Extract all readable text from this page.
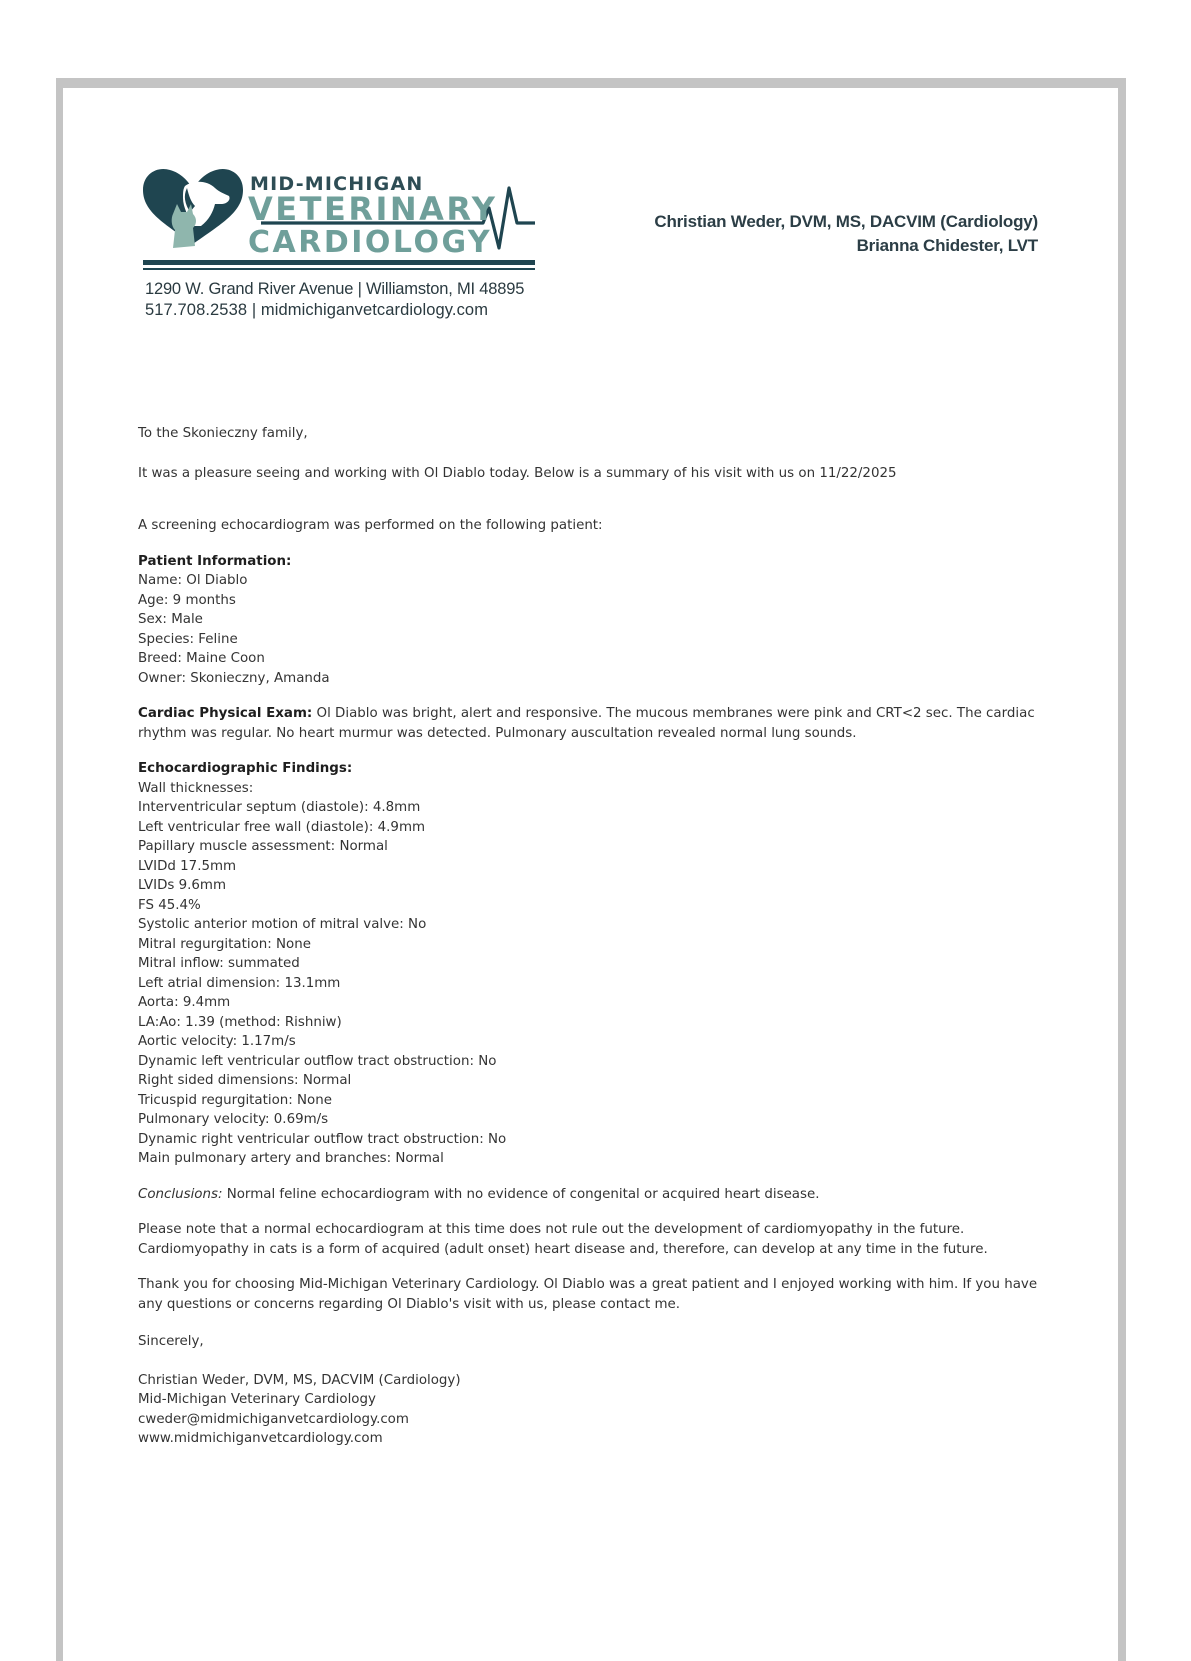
MID-MICHIGAN
VETERINARY
CARDIOLOGY
1290 W. Grand River Avenue | Williamston, MI 48895
517.708.2538 | midmichiganvetcardiology.com
Christian Weder, DVM, MS, DACVIM (Cardiology)
Brianna Chidester, LVT

To the Skonieczny family,

It was a pleasure seeing and working with Ol Diablo today. Below is a summary of his visit with us on 11/22/2025

A screening echocardiogram was performed on the following patient:

Patient Information:
Name: Ol Diablo
Age: 9 months
Sex: Male
Species: Feline
Breed: Maine Coon
Owner: Skonieczny, Amanda
Cardiac Physical Exam: Ol Diablo was bright, alert and responsive. The mucous membranes were pink and CRT<2 sec. The cardiac
rhythm was regular. No heart murmur was detected. Pulmonary auscultation revealed normal lung sounds.
Echocardiographic Findings:
Wall thicknesses:
Interventricular septum (diastole): 4.8mm
Left ventricular free wall (diastole): 4.9mm
Papillary muscle assessment: Normal
LVIDd 17.5mm
LVIDs 9.6mm
FS 45.4%
Systolic anterior motion of mitral valve: No
Mitral regurgitation: None
Mitral inflow: summated
Left atrial dimension: 13.1mm
Aorta: 9.4mm
LA:Ao: 1.39 (method: Rishniw)
Aortic velocity: 1.17m/s
Dynamic left ventricular outflow tract obstruction: No
Right sided dimensions: Normal
Tricuspid regurgitation: None
Pulmonary velocity: 0.69m/s
Dynamic right ventricular outflow tract obstruction: No
Main pulmonary artery and branches: Normal

Conclusions: Normal feline echocardiogram with no evidence of congenital or acquired heart disease.

Please note that a normal echocardiogram at this time does not rule out the development of cardiomyopathy in the future.
Cardiomyopathy in cats is a form of acquired (adult onset) heart disease and, therefore, can develop at any time in the future.
Thank you for choosing Mid-Michigan Veterinary Cardiology. Ol Diablo was a great patient and I enjoyed working with him. If you have
any questions or concerns regarding Ol Diablo's visit with us, please contact me.

Sincerely,

Christian Weder, DVM, MS, DACVIM (Cardiology)
Mid-Michigan Veterinary Cardiology
cweder@midmichiganvetcardiology.com
www.midmichiganvetcardiology.com
